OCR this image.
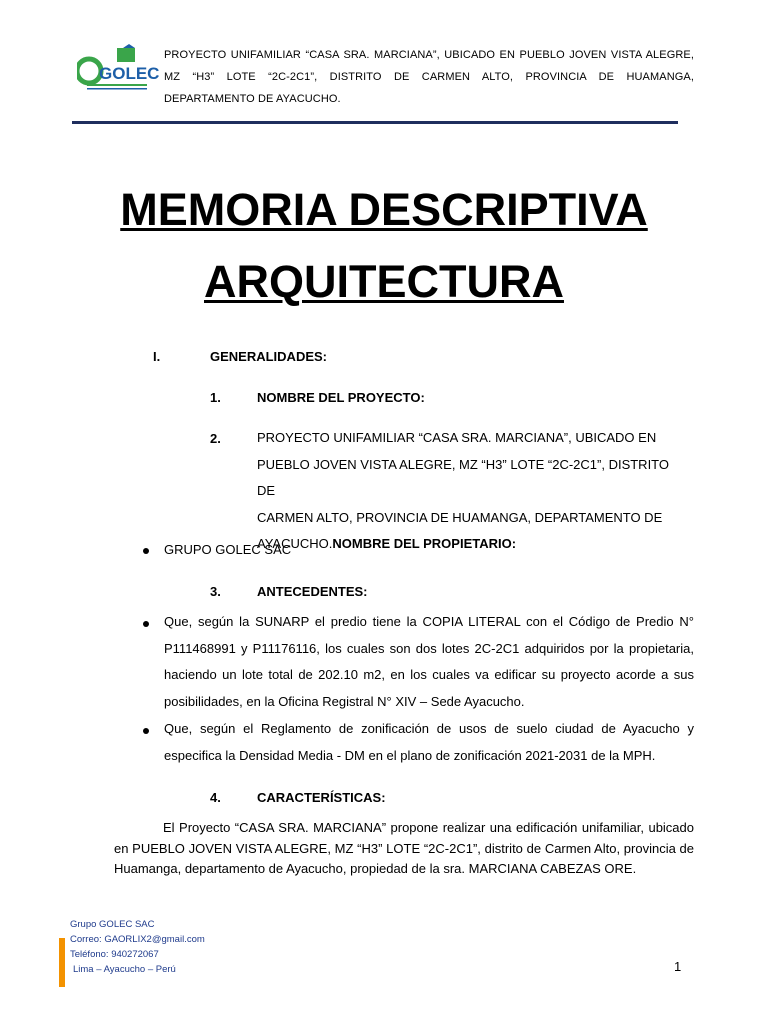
GOLEC
PROYECTO UNIFAMILIAR “CASA SRA. MARCIANA”, UBICADO EN PUEBLO JOVEN VISTA ALEGRE, MZ “H3” LOTE “2C-2C1”, DISTRITO DE CARMEN ALTO, PROVINCIA DE HUAMANGA, DEPARTAMENTO DE AYACUCHO.
MEMORIA DESCRIPTIVA
ARQUITECTURA
I.	GENERALIDADES:
1.	NOMBRE DEL PROYECTO:
2.	PROYECTO UNIFAMILIAR “CASA SRA. MARCIANA”, UBICADO EN
PUEBLO JOVEN VISTA ALEGRE, MZ “H3” LOTE “2C-2C1”, DISTRITO DE
CARMEN ALTO, PROVINCIA DE HUAMANGA, DEPARTAMENTO DE
AYACUCHO.NOMBRE DEL PROPIETARIO:
GRUPO GOLEC SAC
3.	ANTECEDENTES:
Que, según la SUNARP el predio tiene la COPIA LITERAL con el Código de Predio N° P111468991 y P11176116, los cuales son dos lotes 2C-2C1 adquiridos por la propietaria, haciendo un lote total de 202.10 m2, en los cuales va edificar su proyecto acorde a sus posibilidades, en la Oficina Registral N° XIV – Sede Ayacucho.
Que, según el Reglamento de zonificación de usos de suelo ciudad de Ayacucho y especifica la Densidad Media - DM en el plano de zonificación 2021-2031 de la MPH.
4.	CARACTERÍSTICAS:
El Proyecto “CASA SRA. MARCIANA” propone realizar una edificación unifamiliar, ubicado en PUEBLO JOVEN VISTA ALEGRE, MZ “H3” LOTE “2C-2C1”, distrito de Carmen Alto, provincia de Huamanga, departamento de Ayacucho, propiedad de la sra. MARCIANA CABEZAS ORE.
Grupo GOLEC SAC
Correo: GAORLIX2@gmail.com
Teléfono: 940272067
Lima – Ayacucho – Perú	1
